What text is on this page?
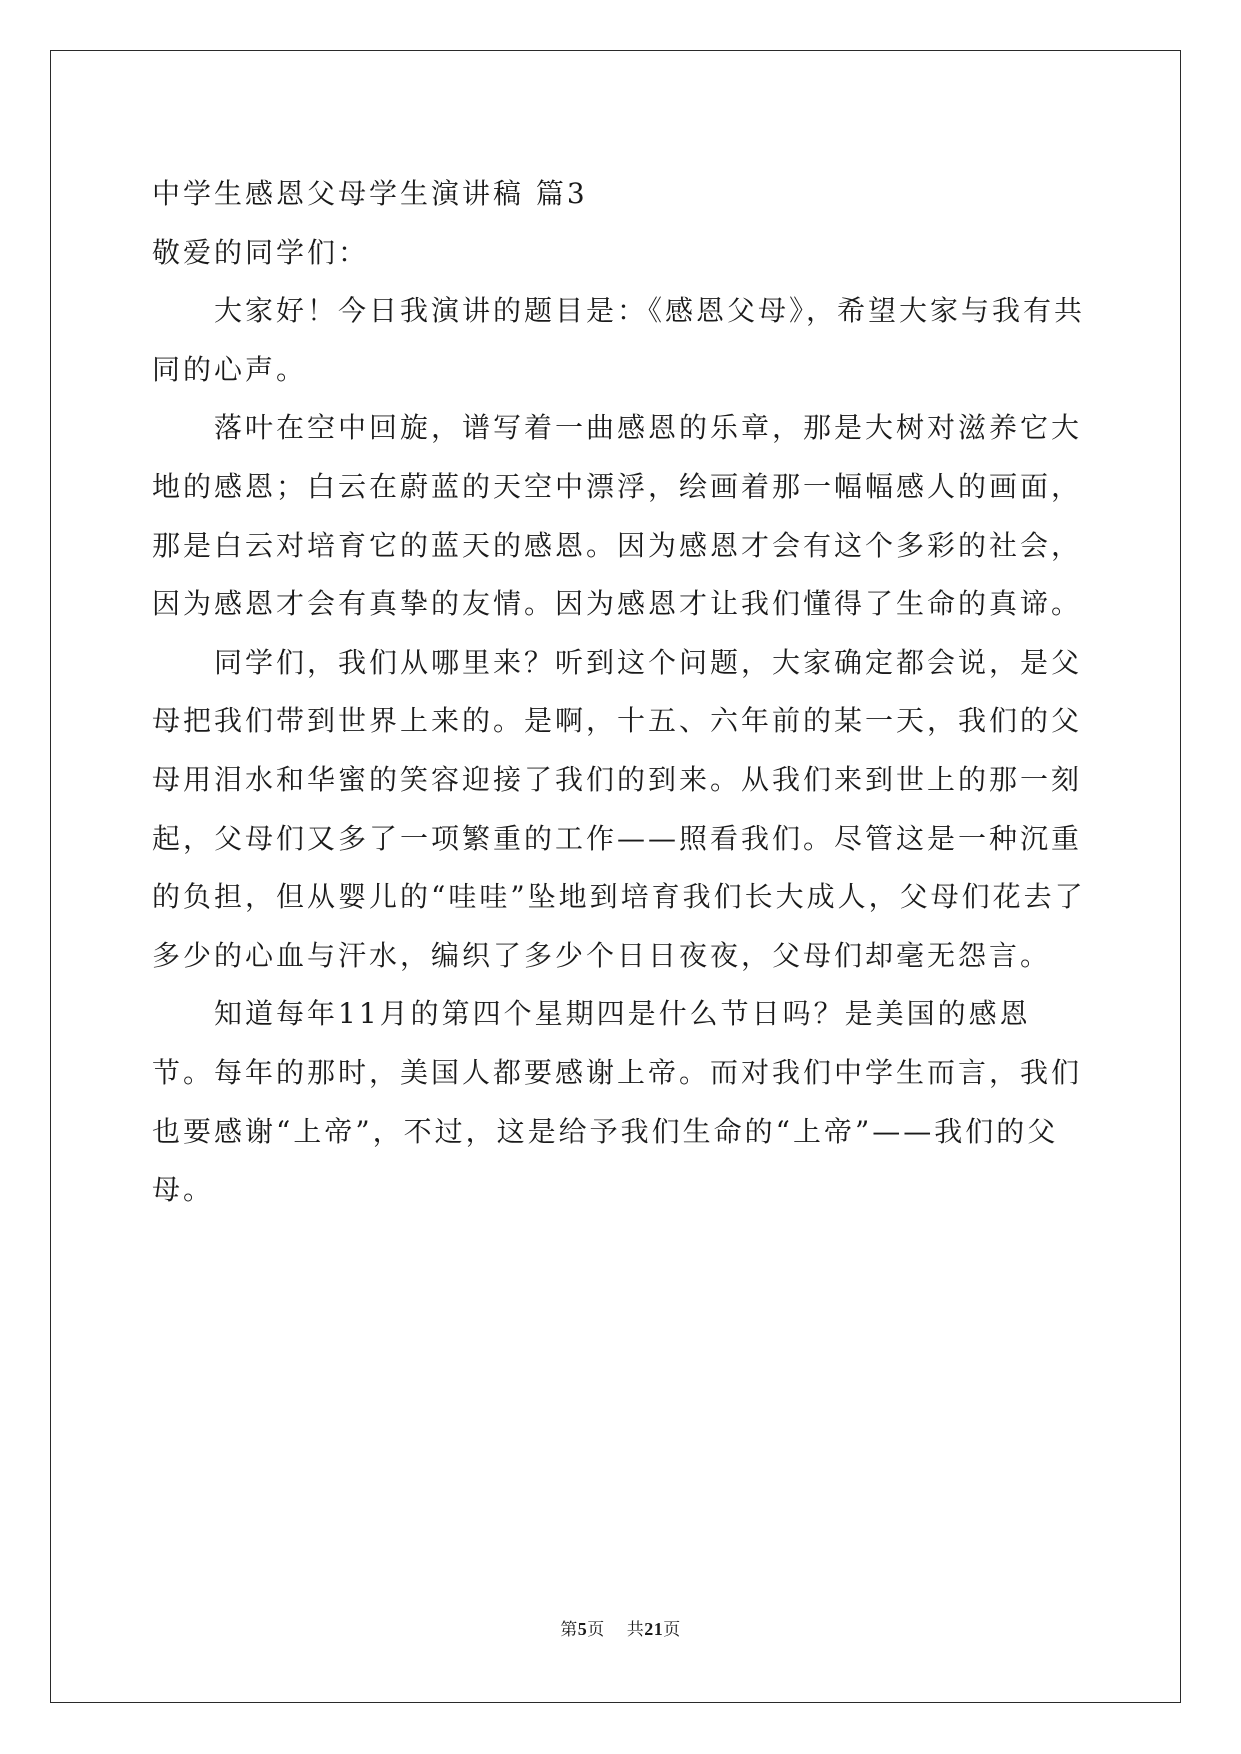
中学生感恩父母学生演讲稿 篇3

敬爱的同学们：

大家好！今日我演讲的题目是：《感恩父母》，希望大家与我有共同的心声。

落叶在空中回旋，谱写着一曲感恩的乐章，那是大树对滋养它大地的感恩；白云在蔚蓝的天空中漂浮，绘画着那一幅幅感人的画面，那是白云对培育它的蓝天的感恩。因为感恩才会有这个多彩的社会，因为感恩才会有真挚的友情。因为感恩才让我们懂得了生命的真谛。

同学们，我们从哪里来？听到这个问题，大家确定都会说，是父母把我们带到世界上来的。是啊，十五、六年前的某一天，我们的父母用泪水和华蜜的笑容迎接了我们的到来。从我们来到世上的那一刻起，父母们又多了一项繁重的工作——照看我们。尽管这是一种沉重的负担，但从婴儿的“哇哇”坠地到培育我们长大成人，父母们花去了多少的心血与汗水，编织了多少个日日夜夜，父母们却毫无怨言。

知道每年11月的第四个星期四是什么节日吗？是美国的感恩节。每年的那时，美国人都要感谢上帝。而对我们中学生而言，我们也要感谢“上帝”，不过，这是给予我们生命的“上帝”——我们的父母。

第5页 共21页
